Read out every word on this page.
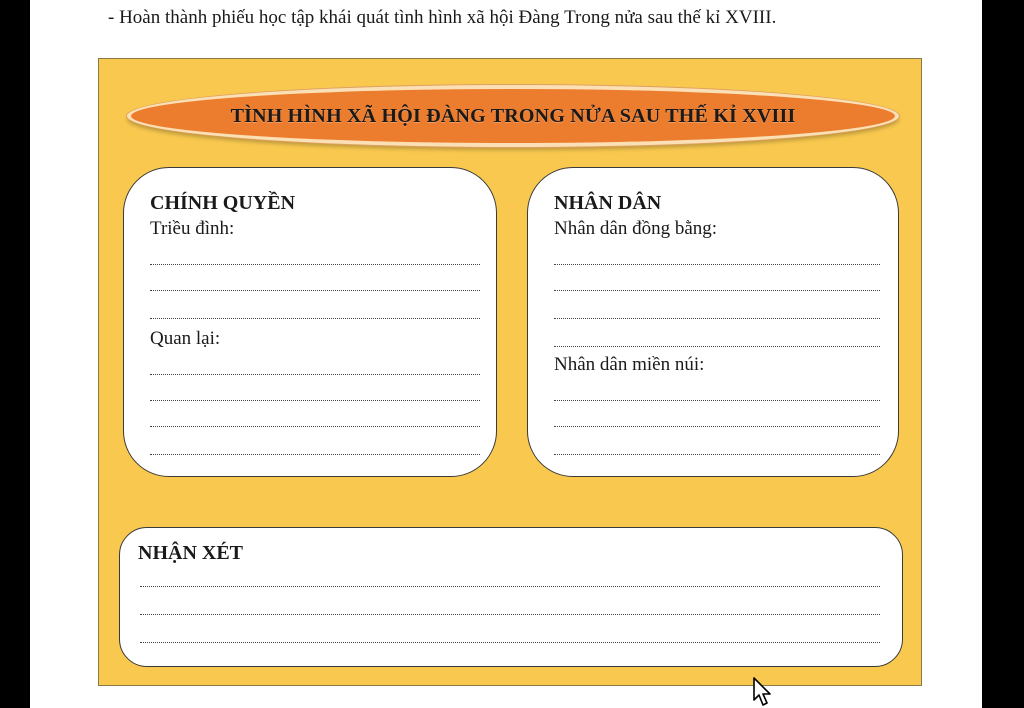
- Hoàn thành phiếu học tập khái quát tình hình xã hội Đàng Trong nửa sau thế kỉ XVIII.
TÌNH HÌNH XÃ HỘI ĐÀNG TRONG NỬA SAU THẾ KỈ XVIII
CHÍNH QUYỀN
Triều đình:
Quan lại:
NHÂN DÂN
Nhân dân đồng bằng:
Nhân dân miền núi:
NHẬN XÉT
